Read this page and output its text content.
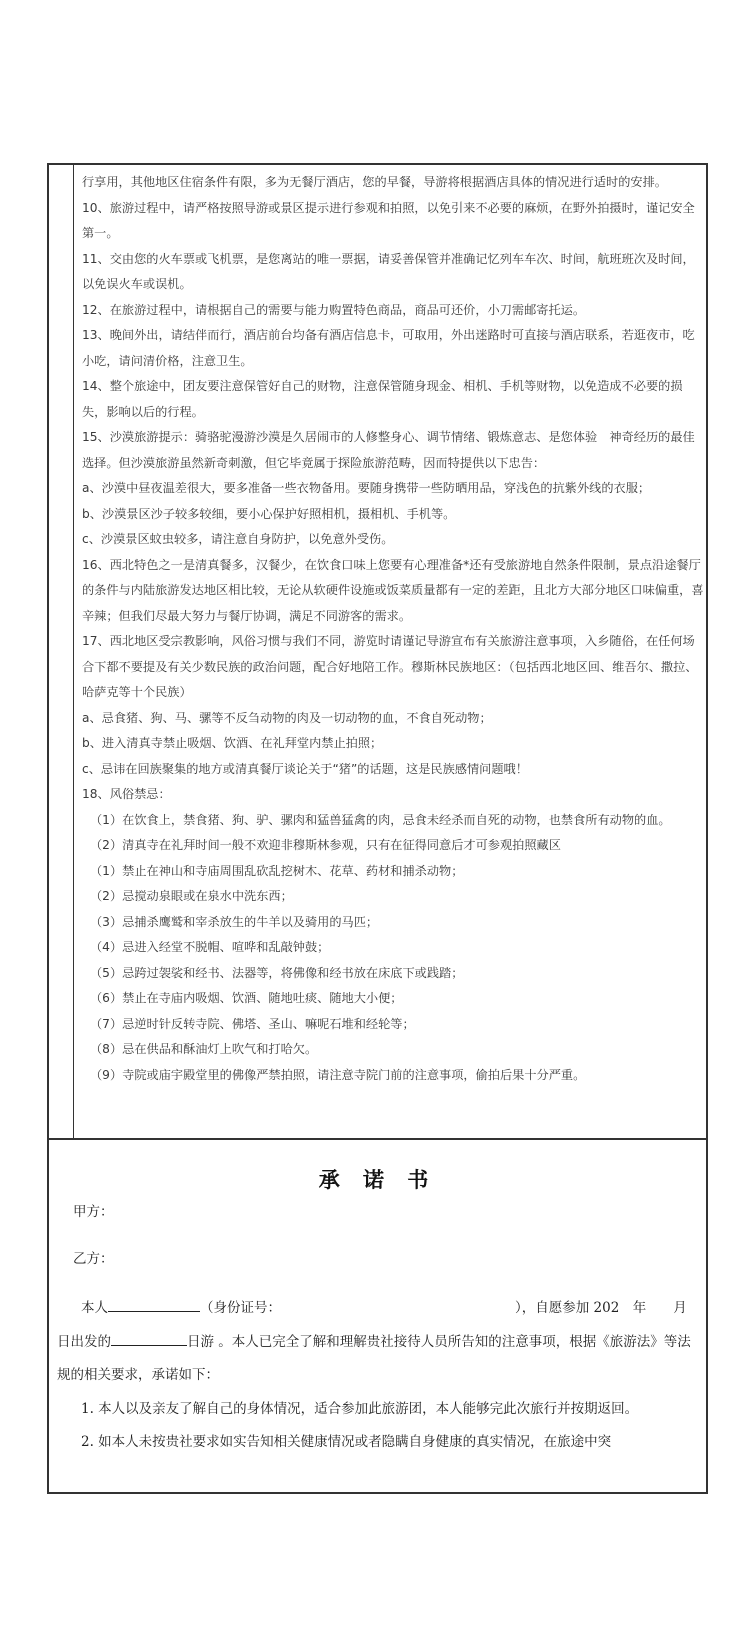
行享用，其他地区住宿条件有限，多为无餐厅酒店，您的早餐，导游将根据酒店具体的情况进行适时的安排。

10、旅游过程中，请严格按照导游或景区提示进行参观和拍照，以免引来不必要的麻烦，在野外拍摄时，谨记安全第一。

11、交由您的火车票或飞机票，是您离站的唯一票据，请妥善保管并准确记忆列车车次、时间，航班班次及时间，以免误火车或误机。

12、在旅游过程中，请根据自己的需要与能力购置特色商品，商品可还价，小刀需邮寄托运。

13、晚间外出，请结伴而行，酒店前台均备有酒店信息卡，可取用，外出迷路时可直接与酒店联系，若逛夜市，吃小吃，请问清价格，注意卫生。

14、整个旅途中，团友要注意保管好自己的财物，注意保管随身现金、相机、手机等财物，以免造成不必要的损失，影响以后的行程。

15、沙漠旅游提示：骑骆驼漫游沙漠是久居闹市的人修整身心、调节情绪、锻炼意志、是您体验　神奇经历的最佳选择。但沙漠旅游虽然新奇刺激，但它毕竟属于探险旅游范畴，因而特提供以下忠告：

a、沙漠中昼夜温差很大，要多准备一些衣物备用。要随身携带一些防晒用品，穿浅色的抗紫外线的衣服；

b、沙漠景区沙子较多较细，要小心保护好照相机，摄相机、手机等。

c、沙漠景区蚊虫较多，请注意自身防护，以免意外受伤。

16、西北特色之一是清真餐多，汉餐少，在饮食口味上您要有心理准备*还有受旅游地自然条件限制，景点沿途餐厅的条件与内陆旅游发达地区相比较，无论从软硬件设施或饭菜质量都有一定的差距，且北方大部分地区口味偏重，喜辛辣；但我们尽最大努力与餐厅协调，满足不同游客的需求。

17、西北地区受宗教影响，风俗习惯与我们不同，游览时请谨记导游宣布有关旅游注意事项，入乡随俗，在任何场合下都不要提及有关少数民族的政治问题，配合好地陪工作。穆斯林民族地区：（包括西北地区回、维吾尔、撒拉、哈萨克等十个民族）

a、忌食猪、狗、马、骡等不反刍动物的肉及一切动物的血，不食自死动物；

b、进入清真寺禁止吸烟、饮酒、在礼拜堂内禁止拍照；

c、忌讳在回族聚集的地方或清真餐厅谈论关于“猪”的话题，这是民族感情问题哦！

18、风俗禁忌：

（1）在饮食上，禁食猪、狗、驴、骡肉和猛兽猛禽的肉，忌食未经杀而自死的动物，也禁食所有动物的血。

（2）清真寺在礼拜时间一般不欢迎非穆斯林参观，只有在征得同意后才可参观拍照藏区

（1）禁止在神山和寺庙周围乱砍乱挖树木、花草、药材和捕杀动物；

（2）忌搅动泉眼或在泉水中洗东西；

（3）忌捕杀鹰鹫和宰杀放生的牛羊以及骑用的马匹；

（4）忌进入经堂不脱帽、喧哗和乱敲钟鼓；

（5）忌跨过袈裟和经书、法器等，将佛像和经书放在床底下或践踏；

（6）禁止在寺庙内吸烟、饮酒、随地吐痰、随地大小便；

（7）忌逆时针反转寺院、佛塔、圣山、嘛呢石堆和经轮等；

（8）忌在供品和酥油灯上吹气和打哈欠。

（9）寺院或庙宇殿堂里的佛像严禁拍照，请注意寺院门前的注意事项，偷拍后果十分严重。

承 诺 书
甲方：
乙方：

本人	（身份证号：	），自愿参加 202　年　　月

日出发的	日游 。本人已完全了解和理解贵社接待人员所告知的注意事项，根据《旅游法》等法规的相关要求，承诺如下：

1. 本人以及亲友了解自己的身体情况，适合参加此旅游团，本人能够完此次旅行并按期返回。

2. 如本人未按贵社要求如实告知相关健康情况或者隐瞒自身健康的真实情况，在旅途中突
